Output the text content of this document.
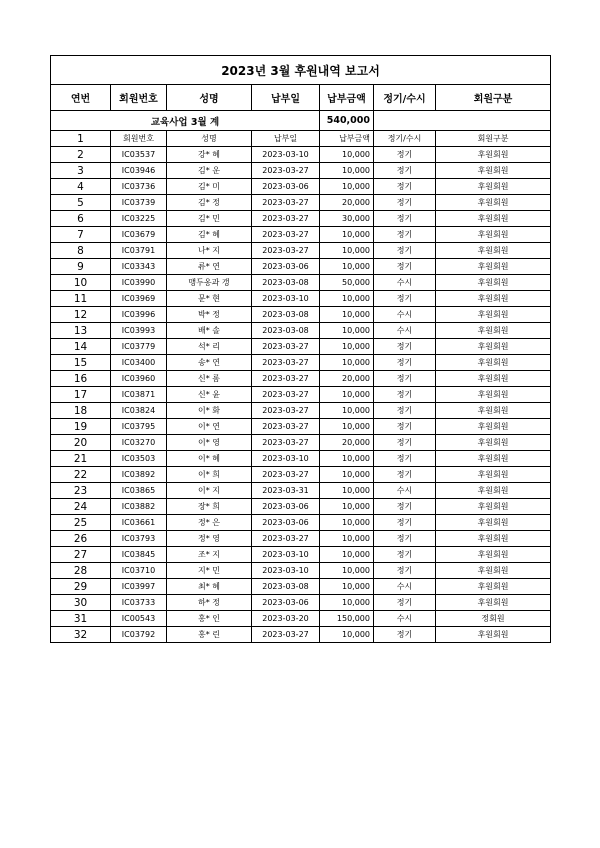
2023년 3월 후원내역 보고서						
연번	회원번호	성명	납부일	납부금액	정기/수시	회원구분
교육사업 3월 계				540,000		
1	회원번호	성명	납부일	납부금액	정기/수시	회원구분
2	IC03537	강* 혜	2023-03-10	10,000	정기	후원회원
3	IC03946	김* 운	2023-03-27	10,000	정기	후원회원
4	IC03736	김* 미	2023-03-06	10,000	정기	후원회원
5	IC03739	김* 정	2023-03-27	20,000	정기	후원회원
6	IC03225	김* 민	2023-03-27	30,000	정기	후원회원
7	IC03679	김* 혜	2023-03-27	10,000	정기	후원회원
8	IC03791	나* 지	2023-03-27	10,000	정기	후원회원
9	IC03343	류* 연	2023-03-06	10,000	정기	후원회원
10	IC03990	맹두옹과 갱	2023-03-08	50,000	수시	후원회원
11	IC03969	문* 현	2023-03-10	10,000	정기	후원회원
12	IC03996	박* 정	2023-03-08	10,000	수시	후원회원
13	IC03993	배* 솔	2023-03-08	10,000	수시	후원회원
14	IC03779	석* 리	2023-03-27	10,000	정기	후원회원
15	IC03400	송* 연	2023-03-27	10,000	정기	후원회원
16	IC03960	신* 롬	2023-03-27	20,000	정기	후원회원
17	IC03871	신* 윤	2023-03-27	10,000	정기	후원회원
18	IC03824	이* 화	2023-03-27	10,000	정기	후원회원
19	IC03795	이* 연	2023-03-27	10,000	정기	후원회원
20	IC03270	이* 영	2023-03-27	20,000	정기	후원회원
21	IC03503	이* 혜	2023-03-10	10,000	정기	후원회원
22	IC03892	이* 희	2023-03-27	10,000	정기	후원회원
23	IC03865	이* 지	2023-03-31	10,000	수시	후원회원
24	IC03882	장* 희	2023-03-06	10,000	정기	후원회원
25	IC03661	정* 은	2023-03-06	10,000	정기	후원회원
26	IC03793	정* 영	2023-03-27	10,000	정기	후원회원
27	IC03845	조* 지	2023-03-10	10,000	정기	후원회원
28	IC03710	지* 민	2023-03-10	10,000	정기	후원회원
29	IC03997	최* 혜	2023-03-08	10,000	수시	후원회원
30	IC03733	하* 정	2023-03-06	10,000	정기	후원회원
31	IC00543	홍* 인	2023-03-20	150,000	수시	정회원
32	IC03792	홍* 린	2023-03-27	10,000	정기	후원회원
